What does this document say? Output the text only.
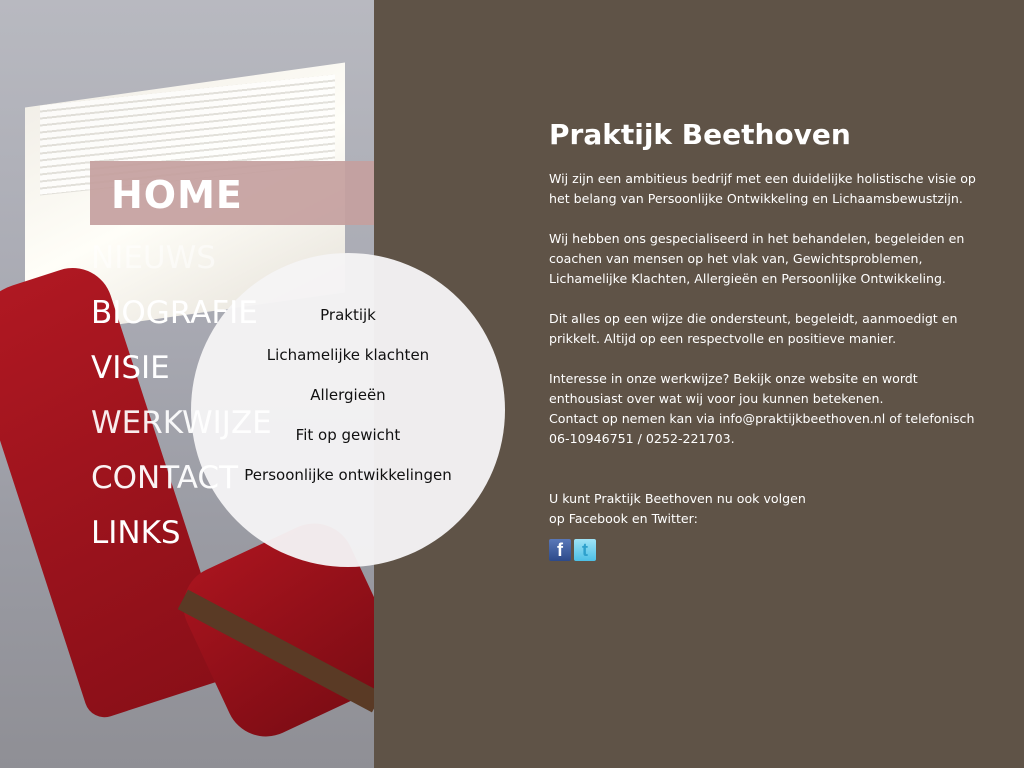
HOME
NIEUWS
BIOGRAFIE
VISIE
Praktijk
Lichamelijke klachten
Allergieën
Fit op gewicht
Persoonlijke ontwikkelingen
WERKWIJZE
CONTACT
LINKS
Praktijk Beethoven

Wij zijn een ambitieus bedrijf met een duidelijke holistische visie op het belang van Persoonlijke Ontwikkeling en Lichaamsbewustzijn.

Wij hebben ons gespecialiseerd in het behandelen, begeleiden en coachen van mensen op het vlak van, Gewichtsproblemen, Lichamelijke Klachten, Allergieën en Persoonlijke Ontwikkeling.

Dit alles op een wijze die ondersteunt, begeleidt, aanmoedigt en prikkelt. Altijd op een respectvolle en positieve manier.

Interesse in onze werkwijze? Bekijk onze website en wordt enthousiast over wat wij voor jou kunnen betekenen.
Contact op nemen kan via info@praktijkbeethoven.nl of telefonisch 06-10946751 / 0252-221703.

U kunt Praktijk Beethoven nu ook volgen
op Facebook en Twitter:

f	t
